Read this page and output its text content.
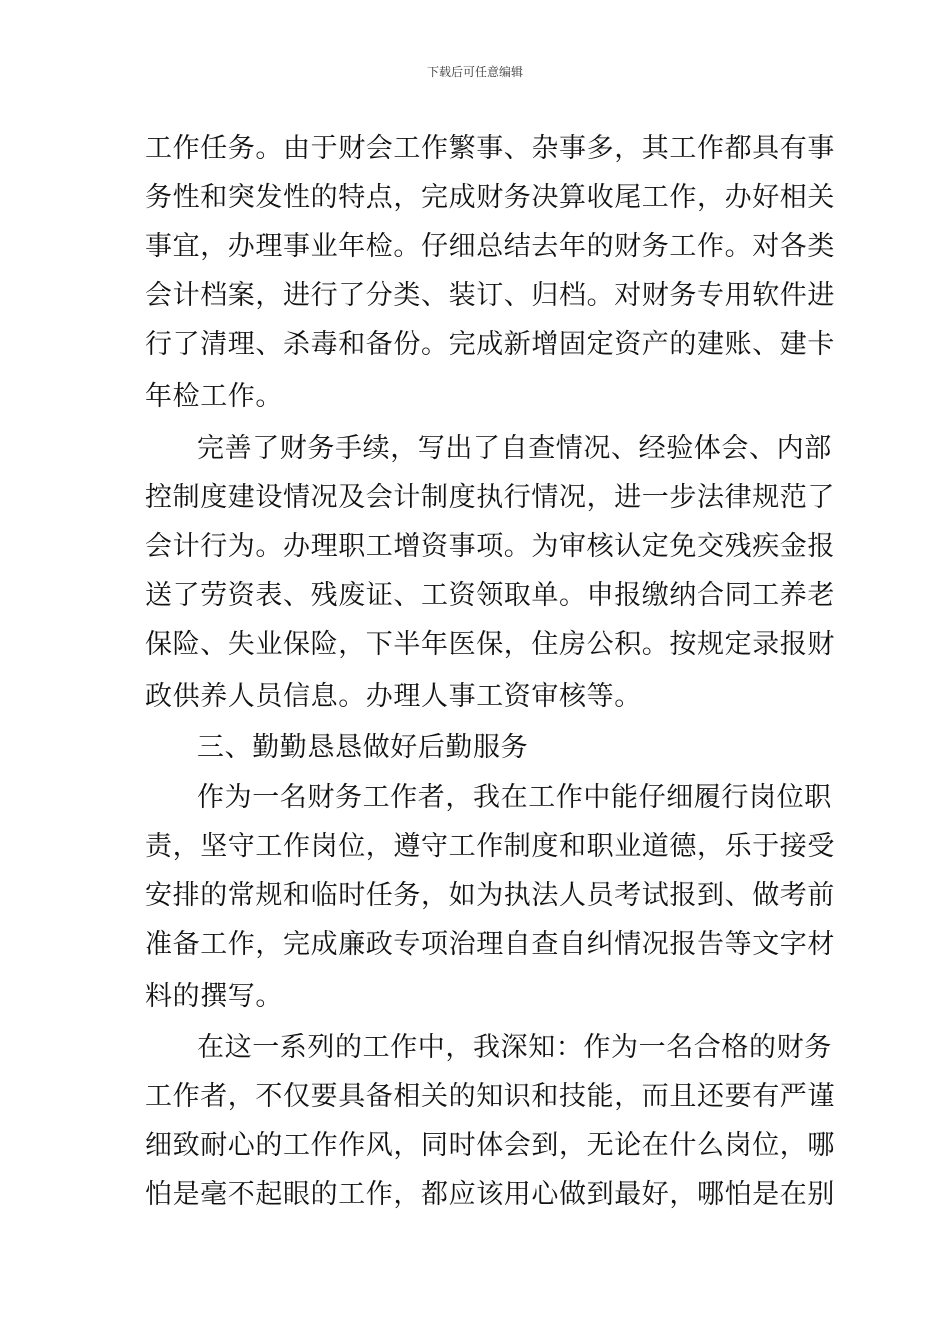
下载后可任意编辑

工作任务。由于财会工作繁事、杂事多，其工作都具有事

务性和突发性的特点，完成财务决算收尾工作，办好相关

事宜，办理事业年检。仔细总结去年的财务工作。对各类

会计档案，进行了分类、装订、归档。对财务专用软件进

行了清理、杀毒和备份。完成新增固定资产的建账、建卡

年检工作。

完善了财务手续，写出了自查情况、经验体会、内部

控制度建设情况及会计制度执行情况，进一步法律规范了

会计行为。办理职工增资事项。为审核认定免交残疾金报

送了劳资表、残废证、工资领取单。申报缴纳合同工养老

保险、失业保险，下半年医保，住房公积。按规定录报财

政供养人员信息。办理人事工资审核等。

三、勤勤恳恳做好后勤服务

作为一名财务工作者，我在工作中能仔细履行岗位职

责，坚守工作岗位，遵守工作制度和职业道德，乐于接受

安排的常规和临时任务，如为执法人员考试报到、做考前

准备工作，完成廉政专项治理自查自纠情况报告等文字材

料的撰写。

在这一系列的工作中，我深知：作为一名合格的财务

工作者，不仅要具备相关的知识和技能，而且还要有严谨

细致耐心的工作作风，同时体会到，无论在什么岗位，哪

怕是毫不起眼的工作，都应该用心做到最好，哪怕是在别
